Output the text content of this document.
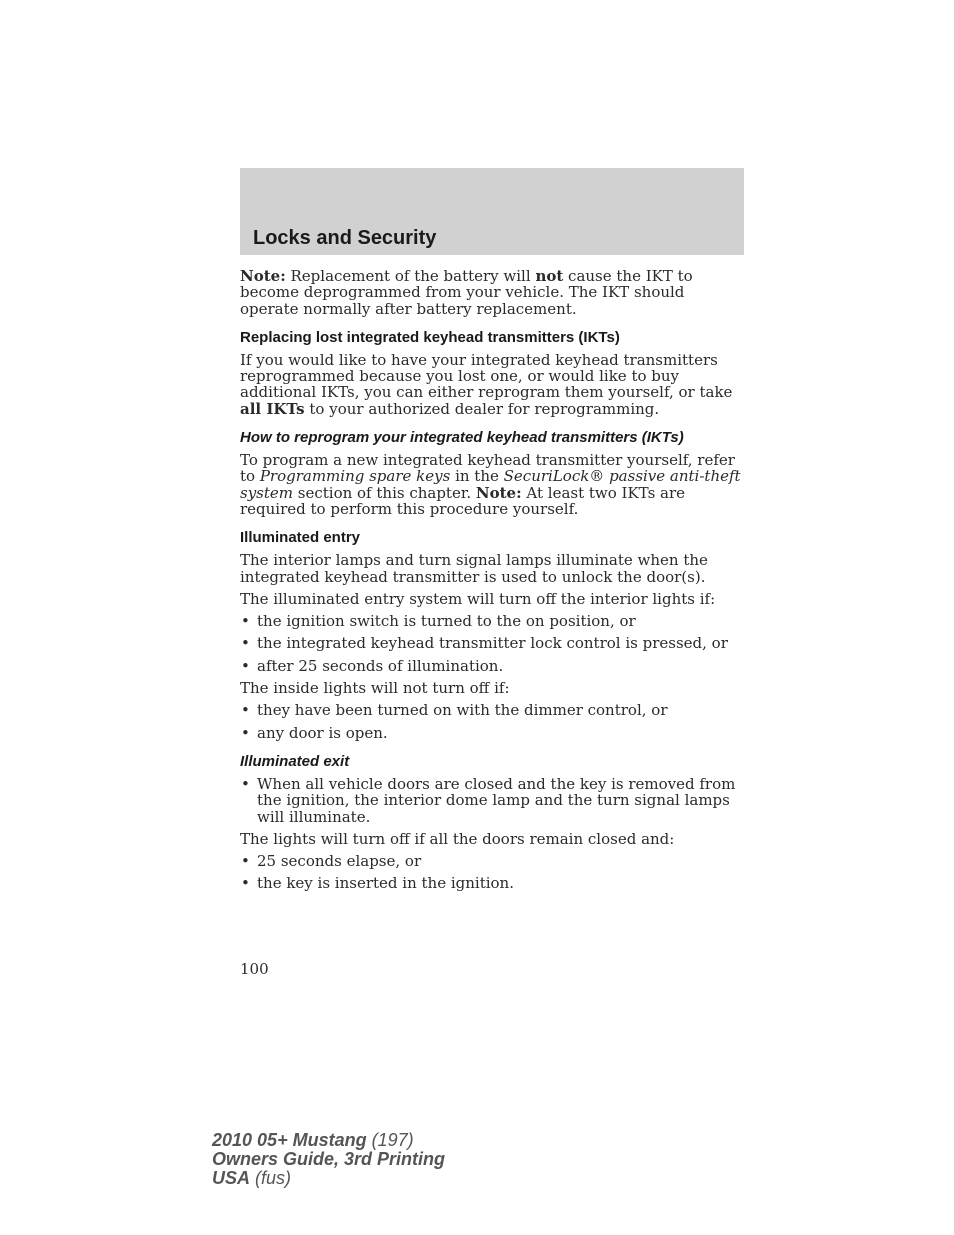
Locks and Security

Note: Replacement of the battery will not cause the IKT to become deprogrammed from your vehicle. The IKT should operate normally after battery replacement.

Replacing lost integrated keyhead transmitters (IKTs)

If you would like to have your integrated keyhead transmitters reprogrammed because you lost one, or would like to buy additional IKTs, you can either reprogram them yourself, or take all IKTs to your authorized dealer for reprogramming.

How to reprogram your integrated keyhead transmitters (IKTs)

To program a new integrated keyhead transmitter yourself, refer to Programming spare keys in the SecuriLock® passive anti-theft system section of this chapter. Note: At least two IKTs are required to perform this procedure yourself.

Illuminated entry

The interior lamps and turn signal lamps illuminate when the integrated keyhead transmitter is used to unlock the door(s).

The illuminated entry system will turn off the interior lights if:

• the ignition switch is turned to the on position, or
• the integrated keyhead transmitter lock control is pressed, or
• after 25 seconds of illumination.

The inside lights will not turn off if:

• they have been turned on with the dimmer control, or
• any door is open.
Illuminated exit
• When all vehicle doors are closed and the key is removed from the ignition, the interior dome lamp and the turn signal lamps will illuminate.

The lights will turn off if all the doors remain closed and:

• 25 seconds elapse, or
• the key is inserted in the ignition.
100
2010 05+ Mustang (197)
Owners Guide, 3rd Printing
USA (fus)
